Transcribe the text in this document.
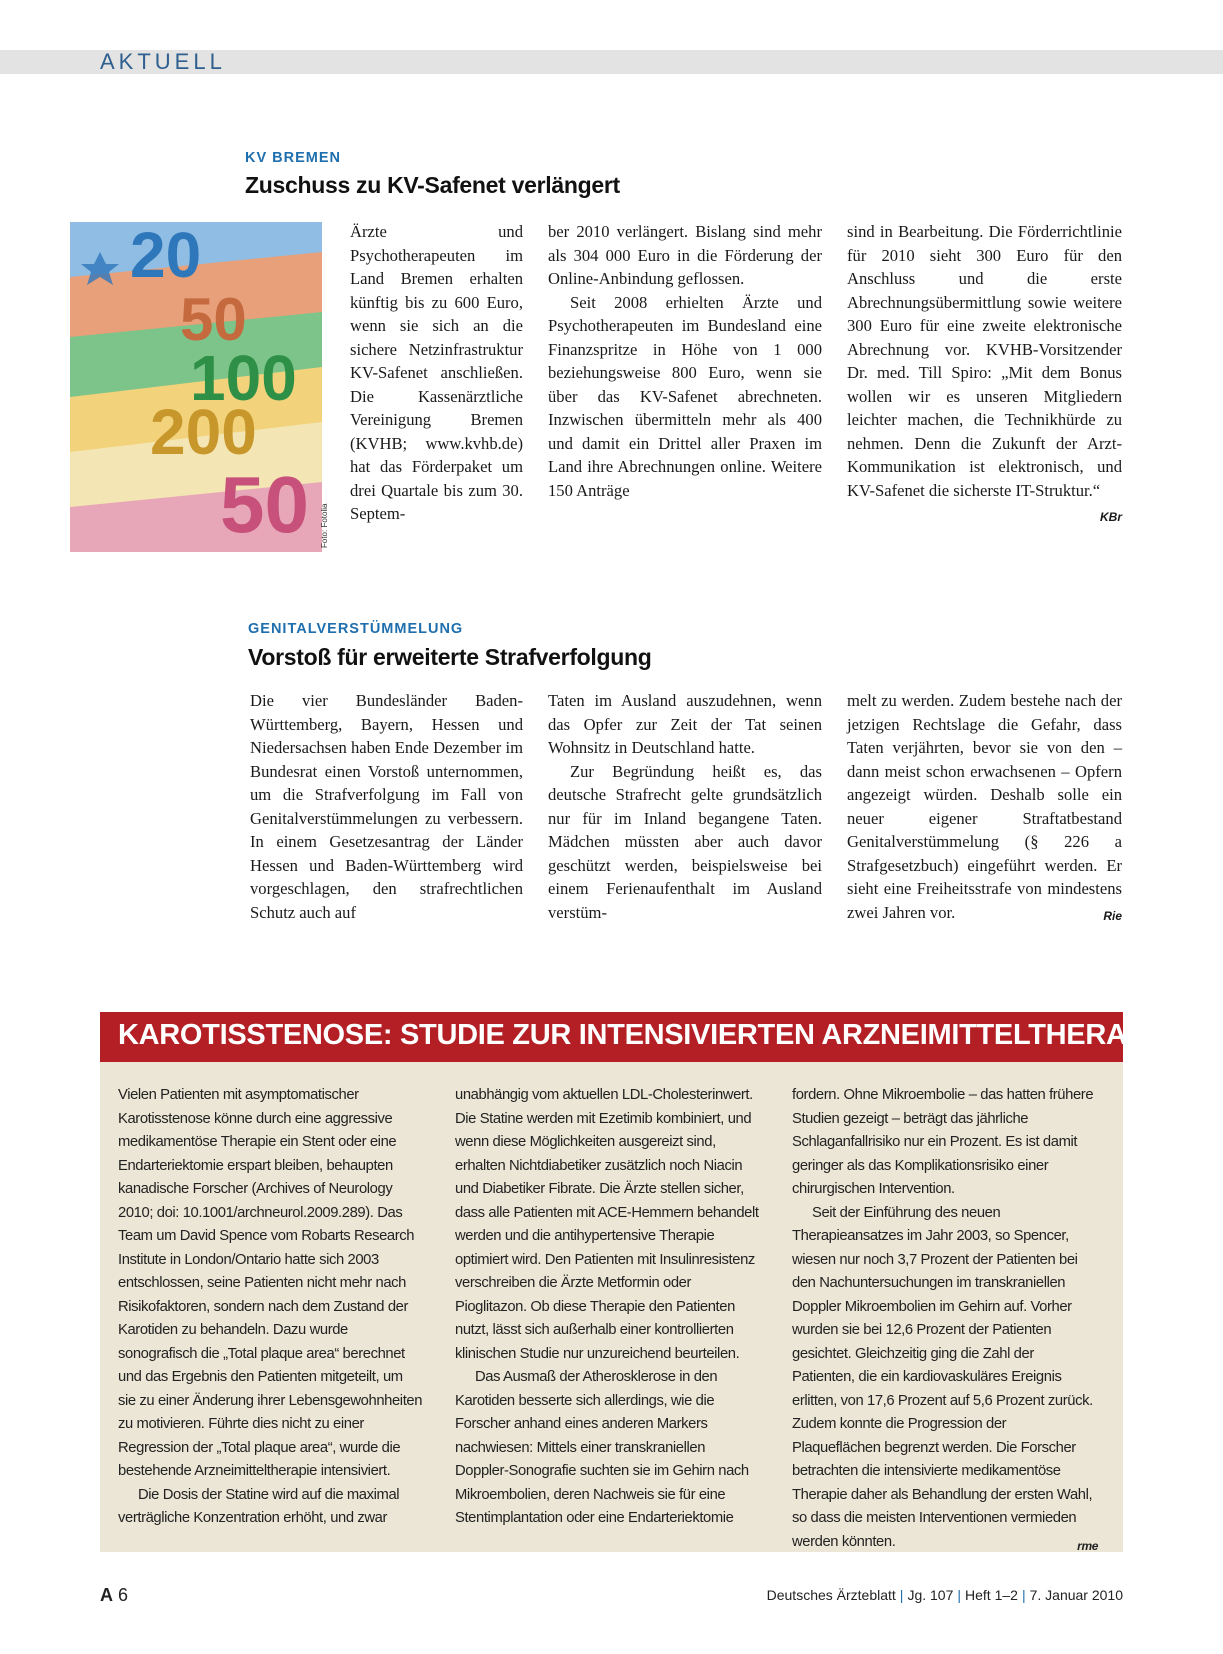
AKTUELL
KV BREMEN
Zuschuss zu KV-Safenet verlängert
20
50
100
200
50 Foto: Fotolia

Ärzte und Psychotherapeuten im Land Bremen erhalten künftig bis zu 600 Euro, wenn sie sich an die sichere Netzinfrastruktur KV-Safenet anschließen. Die Kassenärztliche Vereinigung Bremen (KVHB; www.kvhb.de) hat das Förderpaket um drei Quartale bis zum 30. Septem-

ber 2010 verlängert. Bislang sind mehr als 304 000 Euro in die Förderung der Online-Anbindung geflossen.

Seit 2008 erhielten Ärzte und Psychotherapeuten im Bundesland eine Finanzspritze in Höhe von 1 000 beziehungsweise 800 Euro, wenn sie über das KV-Safenet abrechneten. Inzwischen übermitteln mehr als 400 und damit ein Drittel aller Praxen im Land ihre Abrechnungen online. Weitere 150 Anträge

sind in Bearbeitung. Die Förderrichtlinie für 2010 sieht 300 Euro für den Anschluss und die erste Abrechnungsübermittlung sowie weitere 300 Euro für eine zweite elektronische Abrechnung vor. KVHB-Vorsitzender Dr. med. Till Spiro: „Mit dem Bonus wollen wir es unseren Mitgliedern leichter machen, die Technikhürde zu nehmen. Denn die Zukunft der Arzt-Kommunikation ist elektronisch, und KV-Safenet die sicherste IT-Struktur.“
KBr

GENITALVERSTÜMMELUNG
Vorstoß für erweiterte Strafverfolgung

Die vier Bundesländer Baden-Württemberg, Bayern, Hessen und Niedersachsen haben Ende Dezember im Bundesrat einen Vorstoß unternommen, um die Strafverfolgung im Fall von Genitalverstümmelungen zu verbessern. In einem Gesetzesantrag der Länder Hessen und Baden-Württemberg wird vorgeschlagen, den strafrechtlichen Schutz auch auf

Taten im Ausland auszudehnen, wenn das Opfer zur Zeit der Tat seinen Wohnsitz in Deutschland hatte.

Zur Begründung heißt es, das deutsche Strafrecht gelte grundsätzlich nur für im Inland begangene Taten. Mädchen müssten aber auch davor geschützt werden, beispielsweise bei einem Ferienaufenthalt im Ausland verstüm-

melt zu werden. Zudem bestehe nach der jetzigen Rechtslage die Gefahr, dass Taten verjährten, bevor sie von den – dann meist schon erwachsenen – Opfern angezeigt würden. Deshalb solle ein neuer eigener Straftatbestand Genitalverstümmelung (§ 226 a Strafgesetzbuch) eingeführt werden. Er sieht eine Freiheitsstrafe von mindestens zwei Jahren vor.	Rie

KAROTISSTENOSE: STUDIE ZUR INTENSIVIERTEN ARZNEIMITTELTHERAPIE

Vielen Patienten mit asymptomatischer Karotisstenose könne durch eine aggressive medikamentöse Therapie ein Stent oder eine Endarteriektomie erspart bleiben, behaupten kanadische Forscher (Archives of Neurology 2010; doi: 10.1001/archneurol.2009.289). Das Team um David Spence vom Robarts Research Institute in London/Ontario hatte sich 2003 entschlossen, seine Patienten nicht mehr nach Risikofaktoren, sondern nach dem Zustand der Karotiden zu behandeln. Dazu wurde sonografisch die „Total plaque area“ berechnet und das Ergebnis den Patienten mitgeteilt, um sie zu einer Änderung ihrer Lebensgewohnheiten zu motivieren. Führte dies nicht zu einer Regression der „Total plaque area“, wurde die bestehende Arzneimitteltherapie intensiviert.

Die Dosis der Statine wird auf die maximal verträgliche Konzentration erhöht, und zwar

unabhängig vom aktuellen LDL-Cholesterinwert. Die Statine werden mit Ezetimib kombiniert, und wenn diese Möglichkeiten ausgereizt sind, erhalten Nichtdiabetiker zusätzlich noch Niacin und Diabetiker Fibrate. Die Ärzte stellen sicher, dass alle Patienten mit ACE-Hemmern behandelt werden und die antihypertensive Therapie optimiert wird. Den Patienten mit Insulinresistenz verschreiben die Ärzte Metformin oder Pioglitazon. Ob diese Therapie den Patienten nutzt, lässt sich außerhalb einer kontrollierten klinischen Studie nur unzureichend beurteilen.

Das Ausmaß der Atherosklerose in den Karotiden besserte sich allerdings, wie die Forscher anhand eines anderen Markers nachwiesen: Mittels einer transkraniellen Doppler-Sonografie suchten sie im Gehirn nach Mikroembolien, deren Nachweis sie für eine Stentimplantation oder eine Endarteriektomie

fordern. Ohne Mikroembolie – das hatten frühere Studien gezeigt – beträgt das jährliche Schlaganfallrisiko nur ein Prozent. Es ist damit geringer als das Komplikationsrisiko einer chirurgischen Intervention.

Seit der Einführung des neuen Therapieansatzes im Jahr 2003, so Spencer, wiesen nur noch 3,7 Prozent der Patienten bei den Nachuntersuchungen im transkraniellen Doppler Mikroembolien im Gehirn auf. Vorher wurden sie bei 12,6 Prozent der Patienten gesichtet. Gleichzeitig ging die Zahl der Patienten, die ein kardiovaskuläres Ereignis erlitten, von 17,6 Prozent auf 5,6 Prozent zurück. Zudem konnte die Progression der Plaqueflächen begrenzt werden. Die Forscher betrachten die intensivierte medikamentöse Therapie daher als Behandlung der ersten Wahl, so dass die meisten Interventionen vermieden werden könnten.	rme

A 6	Deutsches Ärzteblatt | Jg. 107 | Heft 1–2 | 7. Januar 2010
